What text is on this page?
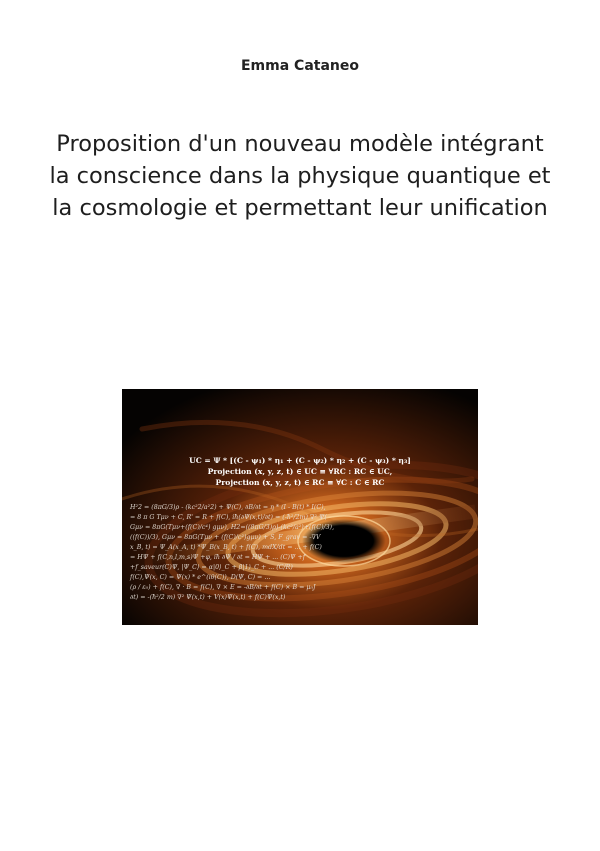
Emma Cataneo
Proposition d'un nouveau modèle intégrant
la conscience dans la physique quantique et
la cosmologie et permettant leur unification
UC = Ψ * [(C - ψ₁) * η₁ + (C - ψ₂) * η₂ + (C - ψ₃) * η₃]
Projection (x, y, z, t) ∈ UC ≡ ∀RC : RC ∈ UC,
Projection (x, y, z, t) ∈ RC ≡ ∀C : C ∈ RC
H²2 = (8πG/3)ρ - (kc²2/a²2) + Ψ(C), ∂B/∂t = η * (I - B(t) * I(C),
= 8 π G Tμν + C, R' = R + f(C), iħ(∂Ψ(x,t)/∂t) = (-ħ²/2m) ∇² Ψ(
Gμν = 8πG(Tμν+(f(C)/c⁴) gμν), H2=((8πG/3)ρ)-(kc²/a²)+(f(C)/3),
((f(C))/3), Gμν = 8πG(Tμν + (f(C)/c²)gμν) + S, F_grav = -∇V
x_B, t) = Ψ_A(x_A, t) *Ψ_B(x_B, t) + f(C), mdX/dt = ... + f(C)
= HΨ + f(C,n,l,m,s)Ψ +φ, iħ ∂Ψ / ∂t = HΨ + ... (C)Ψ +f
+f_saveur(C)Ψ, |Ψ_C⟩ = α|0⟩_C + β|1⟩_C + ... (C/R)
f(C),Ψ(x, C) = Ψ(x) * e^(iθ(C)), D(Ψ, C) = ...
(ρ / ε₀) + f(C), ∇ · B = f(C), ∇ × E = -∂B/∂t + f(C) × B = μ₀J
∂t) = -(ħ²/2 m) ∇² Ψ(x,t) + V(x)Ψ(x,t) + f(C)Ψ(x,t)
